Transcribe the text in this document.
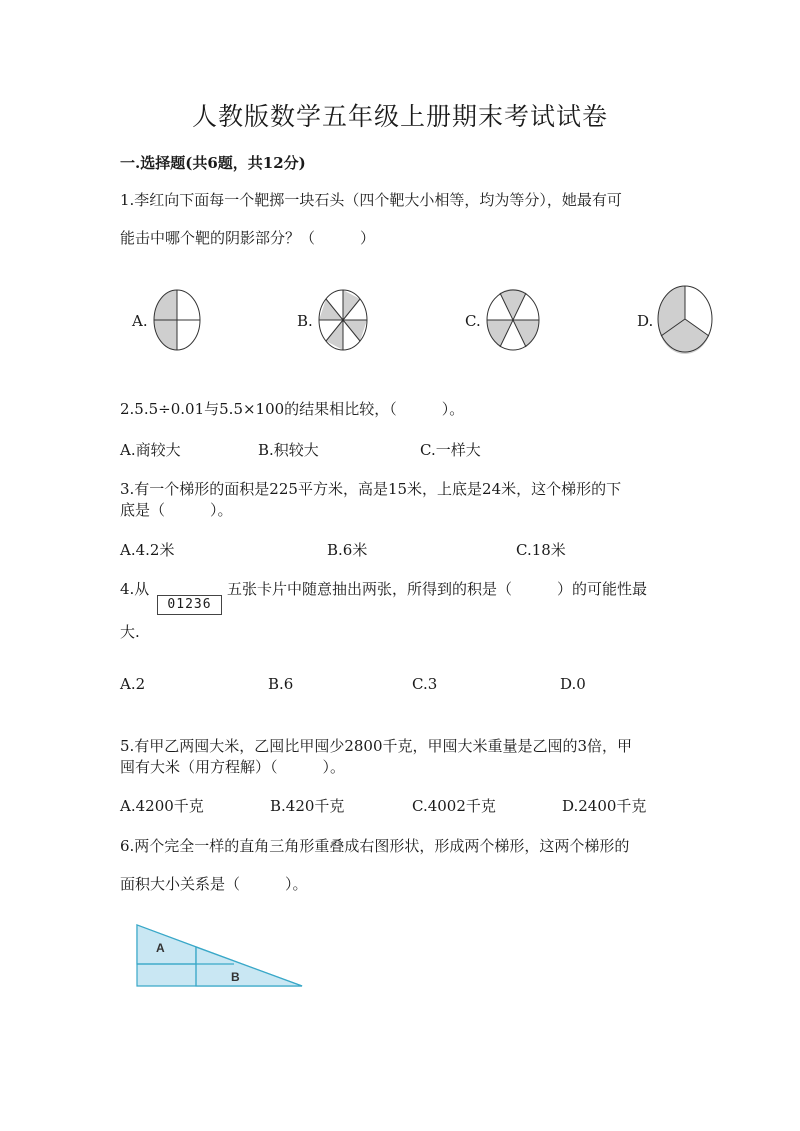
人教版数学五年级上册期末考试试卷
一.选择题(共6题，共12分)
1.李红向下面每一个靶掷一块石头（四个靶大小相等，均为等分），她最有可
能击中哪个靶的阴影部分？（　　　）
A.	B.	C.	D.
2.5.5÷0.01与5.5×100的结果相比较，（　　　）。
A.商较大	B.积较大	C.一样大
3.有一个梯形的面积是225平方米，高是15米，上底是24米，这个梯形的下
底是（　　　）。
A.4.2米	B.6米	C.18米
4.从
01236
五张卡片中随意抽出两张，所得到的积是（　　　）的可能性最
大.
A.2	B.6	C.3	D.0
5.有甲乙两囤大米，乙囤比甲囤少2800千克，甲囤大米重量是乙囤的3倍，甲
囤有大米（用方程解）（　　　）。
A.4200千克	B.420千克	C.4002千克	D.2400千克
6.两个完全一样的直角三角形重叠成右图形状，形成两个梯形，这两个梯形的
面积大小关系是（　　　）。
A
B
